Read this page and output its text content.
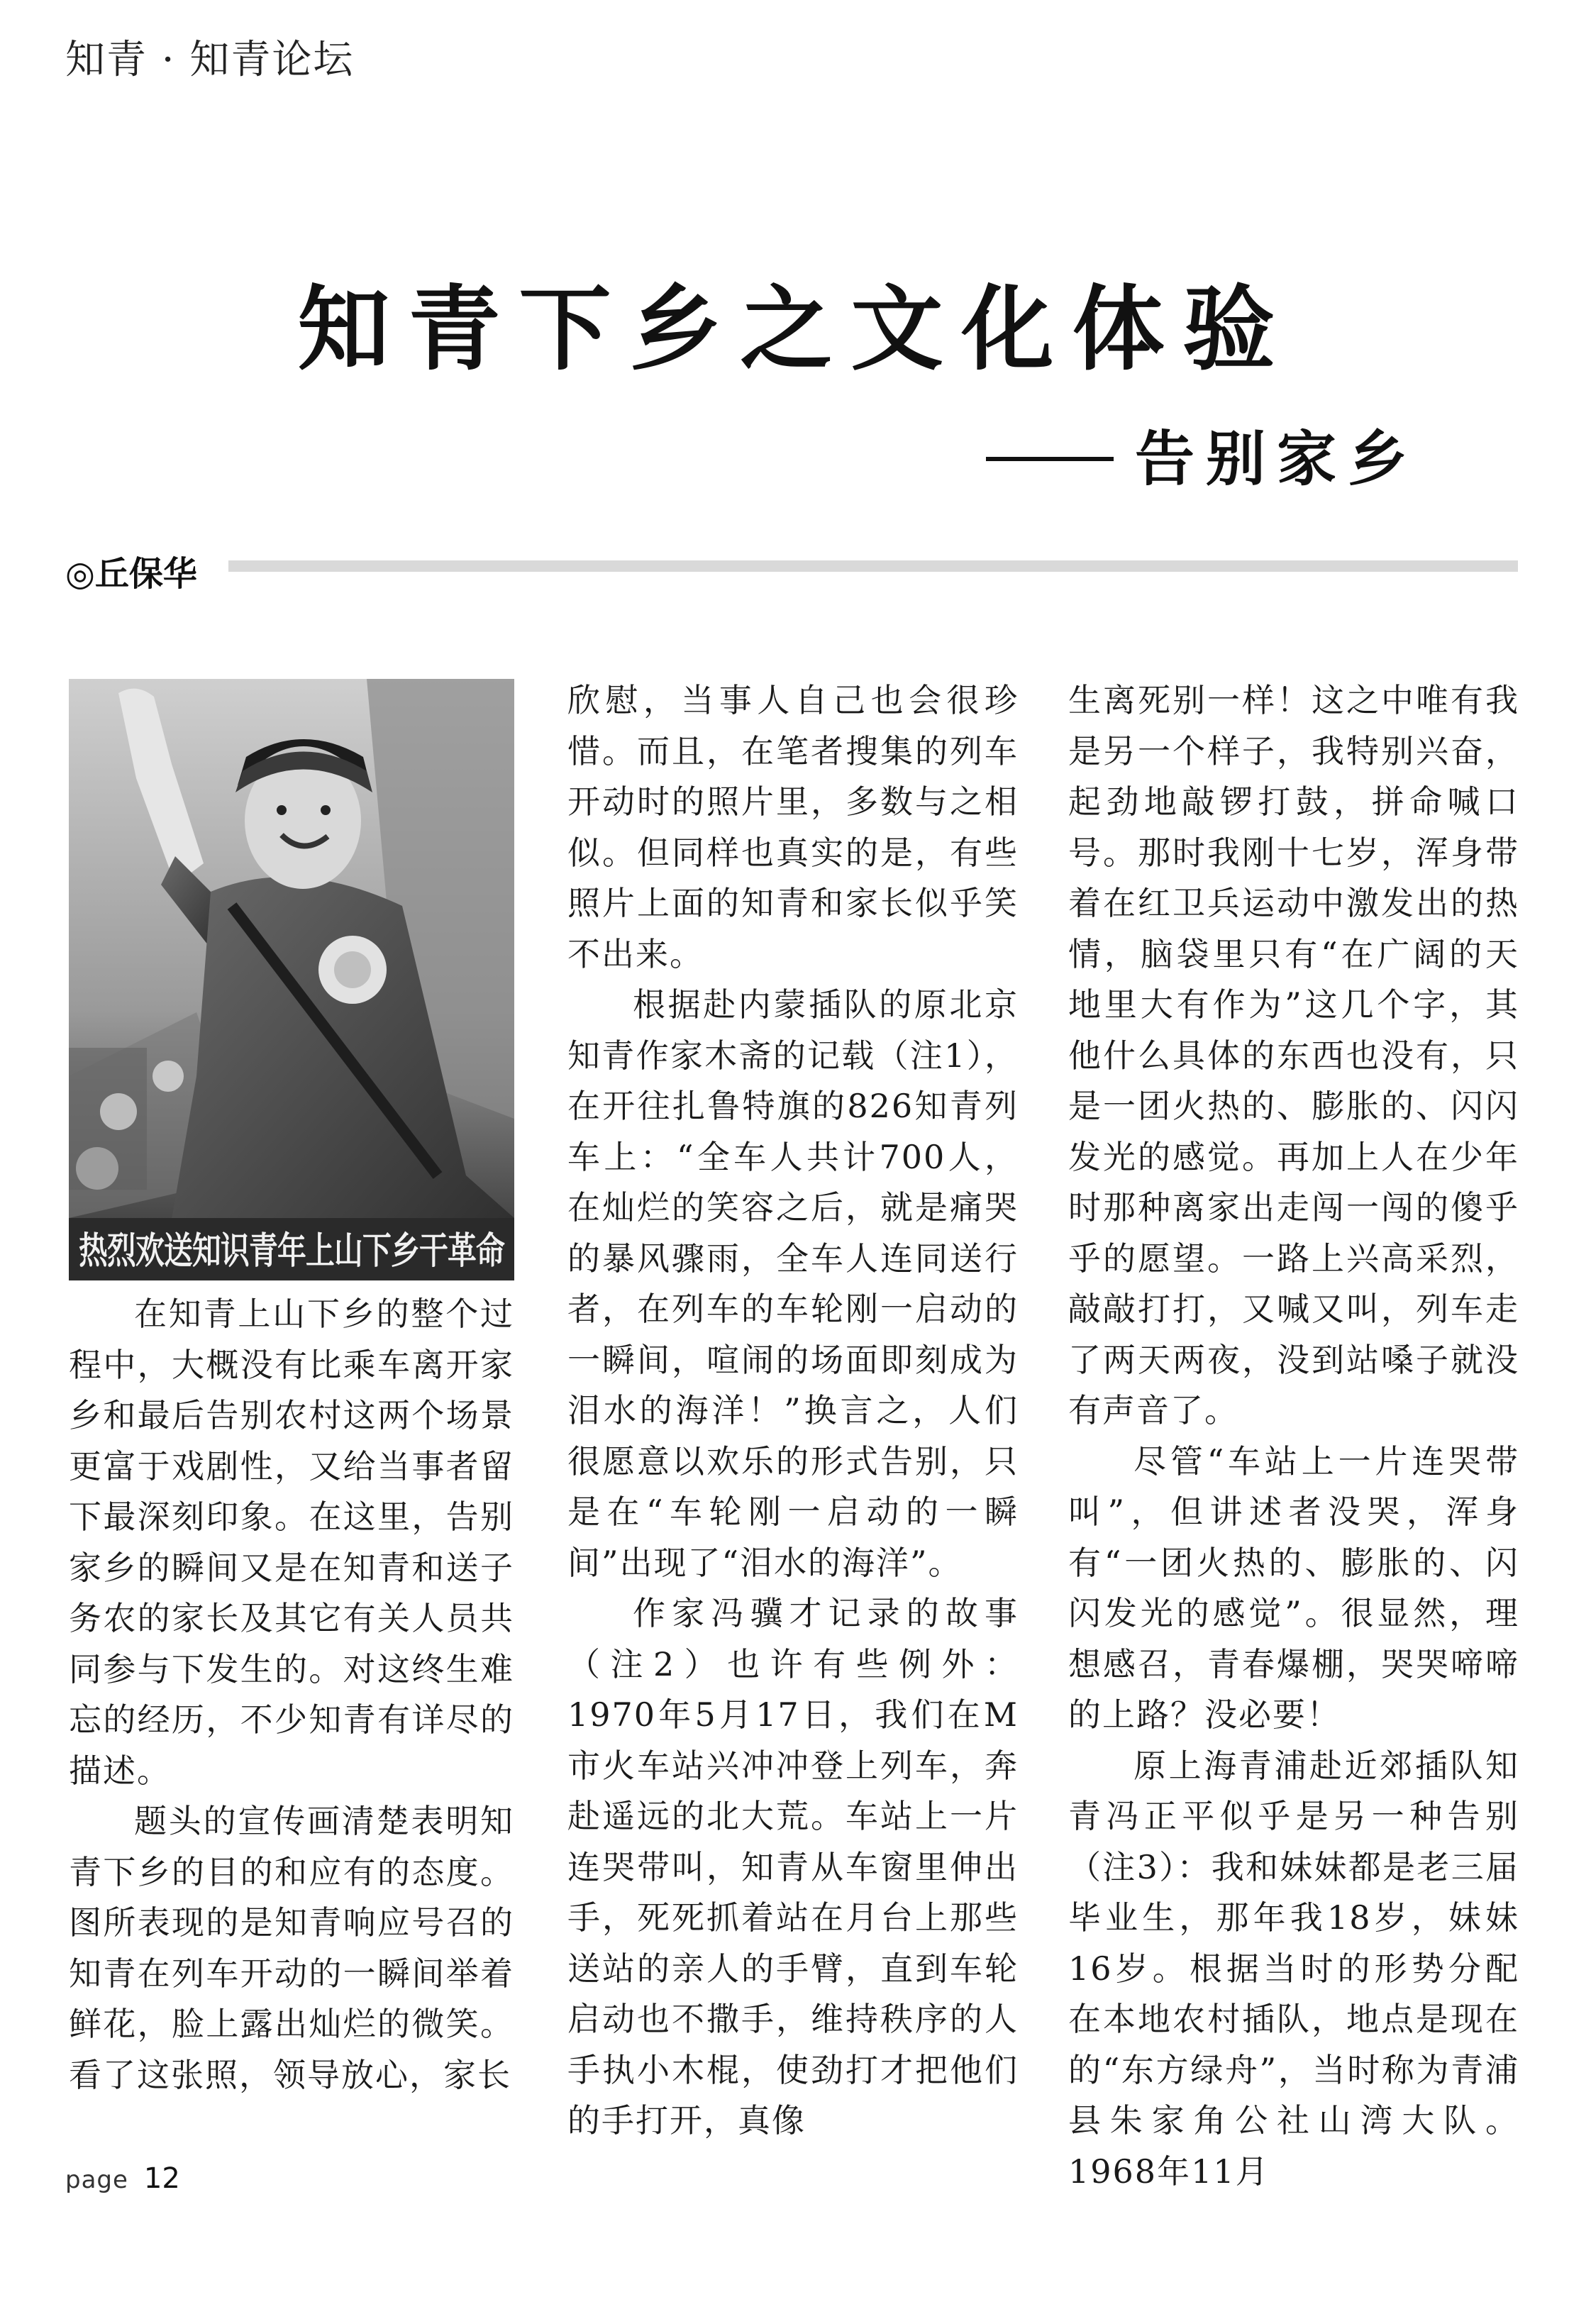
知青 · 知青论坛
知青下乡之文化体验
告别家乡
◎丘保华
热烈欢送知识青年上山下乡干革命

在知青上山下乡的整个过程中，大概没有比乘车离开家乡和最后告别农村这两个场景更富于戏剧性，又给当事者留下最深刻印象。在这里，告别家乡的瞬间又是在知青和送子务农的家长及其它有关人员共同参与下发生的。对这终生难忘的经历，不少知青有详尽的描述。

题头的宣传画清楚表明知青下乡的目的和应有的态度。图所表现的是知青响应号召的知青在列车开动的一瞬间举着鲜花，脸上露出灿烂的微笑。看了这张照，领导放心，家长

欣慰，当事人自己也会很珍惜。而且，在笔者搜集的列车开动时的照片里，多数与之相似。但同样也真实的是，有些照片上面的知青和家长似乎笑不出来。

根据赴内蒙插队的原北京知青作家木斋的记载（注1），在开往扎鲁特旗的826知青列车上：“全车人共计700人，在灿烂的笑容之后，就是痛哭的暴风骤雨，全车人连同送行者，在列车的车轮刚一启动的一瞬间，喧闹的场面即刻成为泪水的海洋！”换言之，人们很愿意以欢乐的形式告别，只是在“车轮刚一启动的一瞬间”出现了“泪水的海洋”。

作家冯骥才记录的故事（注2）也许有些例外：1970年5月17日，我们在M市火车站兴冲冲登上列车，奔赴遥远的北大荒。车站上一片连哭带叫，知青从车窗里伸出手，死死抓着站在月台上那些送站的亲人的手臂，直到车轮启动也不撒手，维持秩序的人手执小木棍，使劲打才把他们的手打开，真像

生离死别一样！这之中唯有我是另一个样子，我特别兴奋，起劲地敲锣打鼓，拼命喊口号。那时我刚十七岁，浑身带着在红卫兵运动中激发出的热情，脑袋里只有“在广阔的天地里大有作为”这几个字，其他什么具体的东西也没有，只是一团火热的、膨胀的、闪闪发光的感觉。再加上人在少年时那种离家出走闯一闯的傻乎乎的愿望。一路上兴高采烈，敲敲打打，又喊又叫，列车走了两天两夜，没到站嗓子就没有声音了。

尽管“车站上一片连哭带叫”，但讲述者没哭，浑身有“一团火热的、膨胀的、闪闪发光的感觉”。很显然，理想感召，青春爆棚，哭哭啼啼的上路？没必要！

原上海青浦赴近郊插队知青冯正平似乎是另一种告别（注3）：我和妹妹都是老三届毕业生，那年我18岁，妹妹16岁。根据当时的形势分配在本地农村插队，地点是现在的“东方绿舟”，当时称为青浦县朱家角公社山湾大队。1968年11月

page 12
